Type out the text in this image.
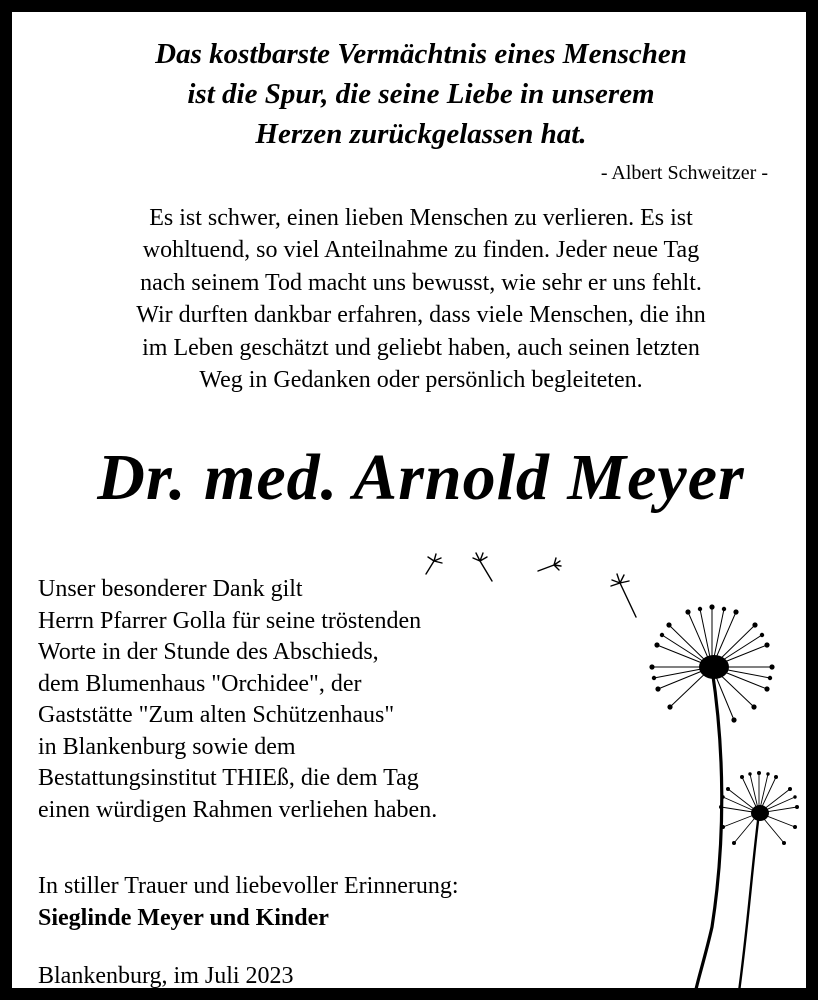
Das kostbarste Vermächtnis eines Menschen
ist die Spur, die seine Liebe in unserem
Herzen zurückgelassen hat.
- Albert Schweitzer -
Es ist schwer, einen lieben Menschen zu verlieren. Es ist
wohltuend, so viel Anteilnahme zu finden. Jeder neue Tag
nach seinem Tod macht uns bewusst, wie sehr er uns fehlt.
Wir durften dankbar erfahren, dass viele Menschen, die ihn
im Leben geschätzt und geliebt haben, auch seinen letzten
Weg in Gedanken oder persönlich begleiteten.
Dr. med. Arnold Meyer
Unser besonderer Dank gilt
Herrn Pfarrer Golla für seine tröstenden
Worte in der Stunde des Abschieds,
dem Blumenhaus "Orchidee", der
Gaststätte "Zum alten Schützenhaus"
in Blankenburg sowie dem
Bestattungsinstitut THIEß, die dem Tag
einen würdigen Rahmen verliehen haben.
In stiller Trauer und liebevoller Erinnerung:
Sieglinde Meyer und Kinder
Blankenburg, im Juli 2023
